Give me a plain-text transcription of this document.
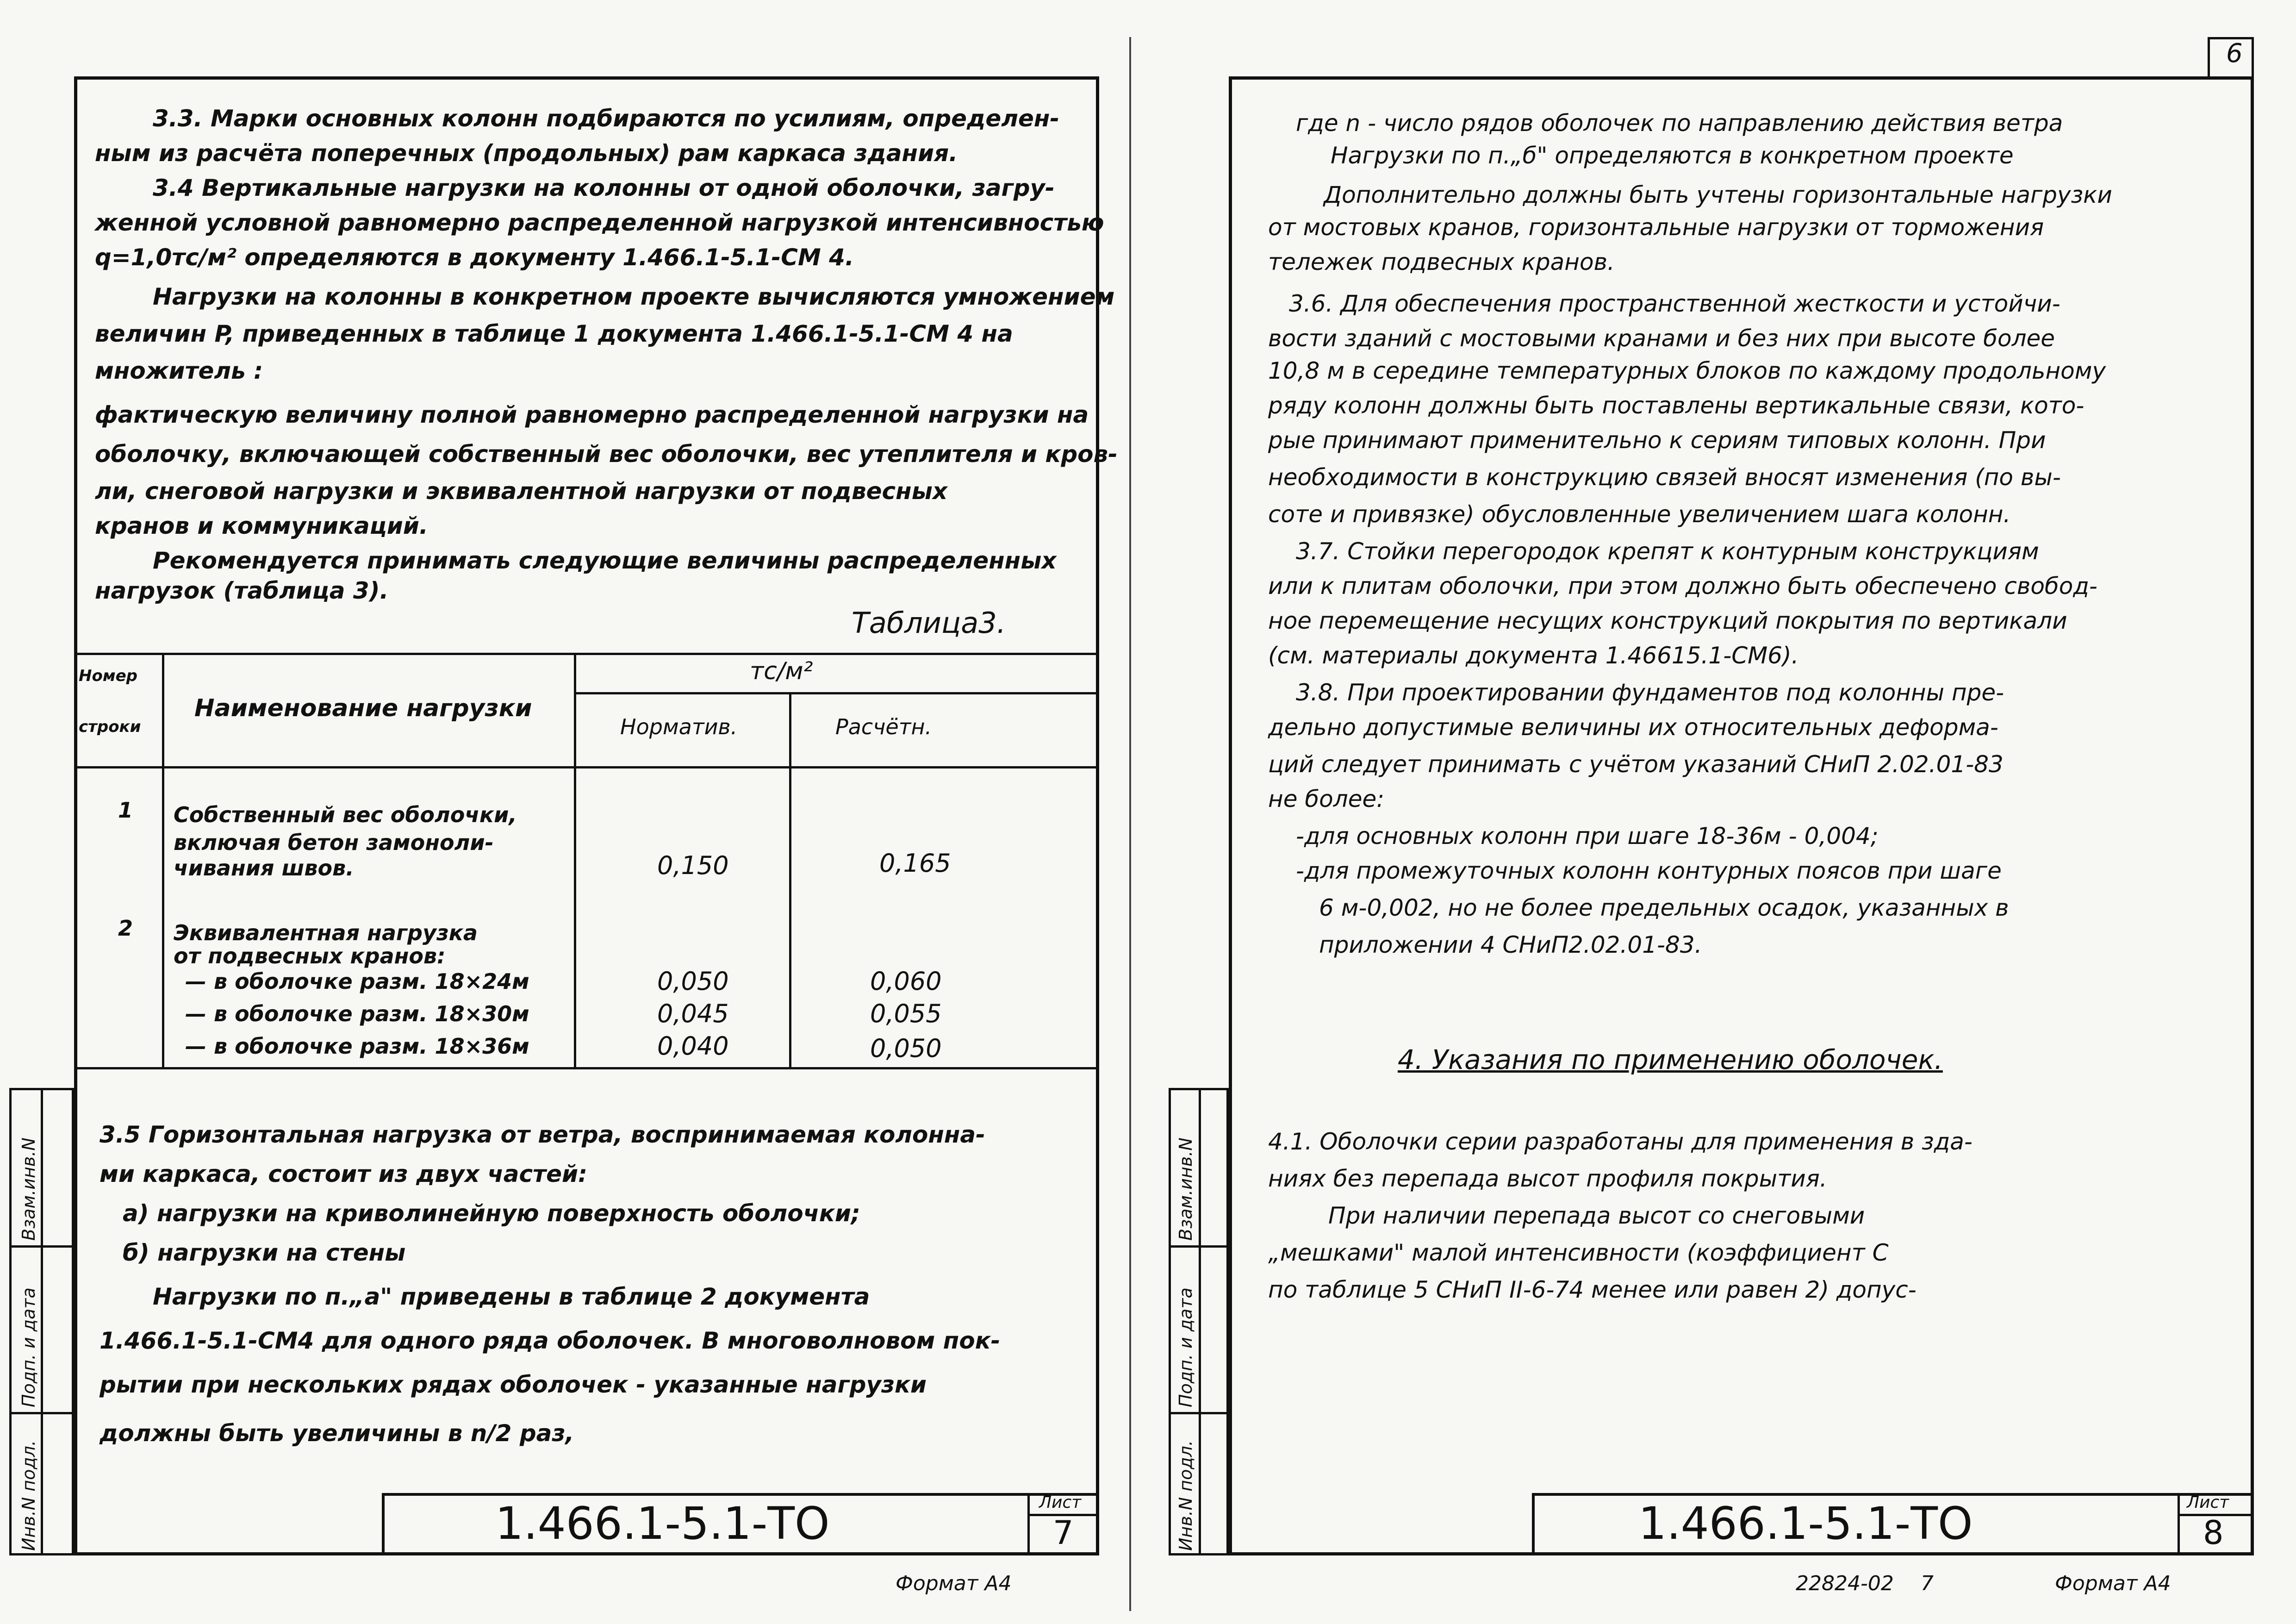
Инв.N подл.
Подп. и дата
Взам.инв.N
3.3. Марки основных колонн подбираются по усилиям, определен-
ным из расчёта поперечных (продольных) рам каркаса здания.
3.4 Вертикальные нагрузки на колонны от одной оболочки, загру-
женной условной равномерно распределенной нагрузкой интенсивностью
q=1,0тс/м² определяются в документу 1.466.1-5.1-СМ 4.
Нагрузки на колонны в конкретном проекте вычисляются умножением
величин P, приведенных в таблице 1 документа 1.466.1-5.1-СМ 4 на
множитель :
фактическую величину полной равномерно распределенной нагрузки на
оболочку, включающей собственный вес оболочки, вес утеплителя и кров-
ли, снеговой нагрузки и эквивалентной нагрузки от подвесных
кранов и коммуникаций.
Рекомендуется принимать следующие величины распределенных
нагрузок (таблица 3).
Таблица3.
Номер
строки
Наименование нагрузки
тс/м²
Норматив.	Расчётн.
1 Собственный вес оболочки,
включая бетон замонoли-
чивания швов.	0,150	0,165
2 Эквивалентная нагрузка
от подвесных кранов:
— в оболочке разм. 18×24м	0,050	0,060
— в оболочке разм. 18×30м	0,045	0,055
— в оболочке разм. 18×36м	0,040	0,050
3.5 Горизонтальная нагрузка от ветра, воспринимаемая колонна-
ми каркаса, состоит из двух частей:
а) нагрузки на криволинейную поверхность оболочки;
б) нагрузки на стены
Нагрузки по п.„а" приведены в таблице 2 документа
1.466.1-5.1-СМ4 для одного ряда оболочек. В многоволновом пок-
рытии при нескольких рядах оболочек - указанные нагрузки
должны быть увеличины в n/2 раз,
1.466.1-5.1-ТО	Лист
7
Формат А4
6
Инв.N подл.
Подп. и дата
Взам.инв.N
где n - число рядов оболочек по направлению действия ветра
Нагрузки по п.„б" определяются в конкретном проекте
Дополнительно должны быть учтены горизонтальные нагрузки
от мостовых кранов, горизонтальные нагрузки от торможения
тележек подвесных кранов.
3.6. Для обеспечения пространственной жесткости и устойчи-
вости зданий с мостовыми кранами и без них при высоте более
10,8 м в середине температурных блоков по каждому продольному
ряду колонн должны быть поставлены вертикальные связи, кото-
рые принимают применительно к сериям типовых колонн. При
необходимости в конструкцию связей вносят изменения (по вы-
соте и привязке) обусловленные увеличением шага колонн.
3.7. Стойки перегородок крепят к контурным конструкциям
или к плитам оболочки, при этом должно быть обеспечено свобод-
ное перемещение несущих конструкций покрытия по вертикали
(см. материалы документа 1.46615.1-СМ6).
3.8. При проектировании фундаментов под колонны пре-
дельно допустимые величины их относительных деформа-
ций следует принимать с учётом указаний СНиП 2.02.01-83
не более:
-для основных колонн при шаге 18-36м - 0,004;
-для промежуточных колонн контурных поясов при шаге
6 м-0,002, но не более предельных осадок, указанных в
приложении 4 СНиП2.02.01-83.
4. Указания по применению оболочек.
4.1. Оболочки серии разработаны для применения в зда-
ниях без перепада высот профиля покрытия.
При наличии перепада высот со снеговыми
„мешками" малой интенсивности (коэффициент С
по таблице 5 СНиП II-6-74 менее или равен 2) допус-
1.466.1-5.1-ТО	Лист
8
22824-02 7	Формат А4
